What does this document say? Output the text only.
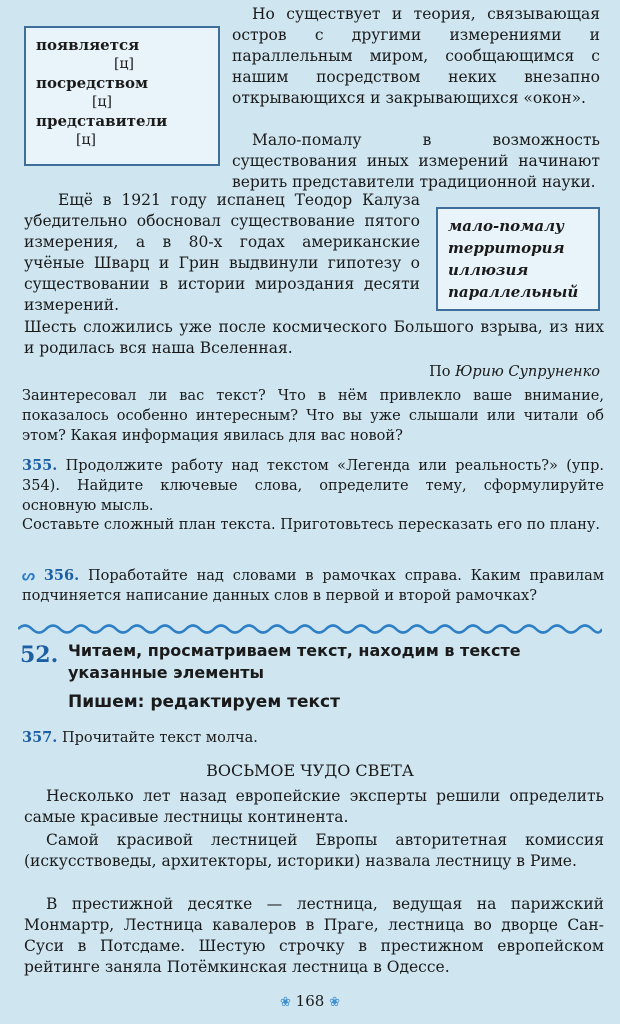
появляется
[ц]
посредством
[ц]
представители
[ц]
Но существует и теория, связывающая остров с другими измерениями и параллельным миром, сообщающимся с нашим посредством неких внезапно открывающихся и закрывающихся «окон».
Мало-помалу в возможность существования иных измерений начинают верить представители традиционной науки.
мало-помалу
территория
иллюзия
параллельный
Ещё в 1921 году испанец Теодор Калуза убедительно обосновал существование пятого измерения, а в 80-х годах американские учёные Шварц и Грин выдвинули гипотезу о существовании в истории мироздания десяти измерений.
Шесть сложились уже после космического Большого взрыва, из них и родилась вся наша Вселенная.
По Юрию Супруненко
Заинтересовал ли вас текст? Что в нём привлекло ваше внимание, показалось особенно интересным? Что вы уже слышали или читали об этом? Какая информация явилась для вас новой?
355. Продолжите работу над текстом «Легенда или реальность?» (упр. 354). Найдите ключевые слова, определите тему, сформулируйте основную мысль.
Составьте сложный план текста. Приготовьтесь пересказать его по плану.
ᔕ 356. Поработайте над словами в рамочках справа. Каким правилам подчиняется написание данных слов в первой и второй рамочках?
52. Читаем, просматриваем текст, находим в тексте указанные элементы
Пишем: редактируем текст
357. Прочитайте текст молча.
ВОСЬМОЕ ЧУДО СВЕТА
Несколько лет назад европейские эксперты решили определить самые красивые лестницы континента.
Самой красивой лестницей Европы авторитетная комиссия (искусствоведы, архитекторы, историки) назвала лестницу в Риме.
В престижной десятке — лестница, ведущая на парижский Монмартр, Лестница кавалеров в Праге, лестница во дворце Сан-Суси в Потсдаме. Шестую строчку в престижном европейском рейтинге заняла Потёмкинская лестница в Одессе.
❀ 168 ❀
